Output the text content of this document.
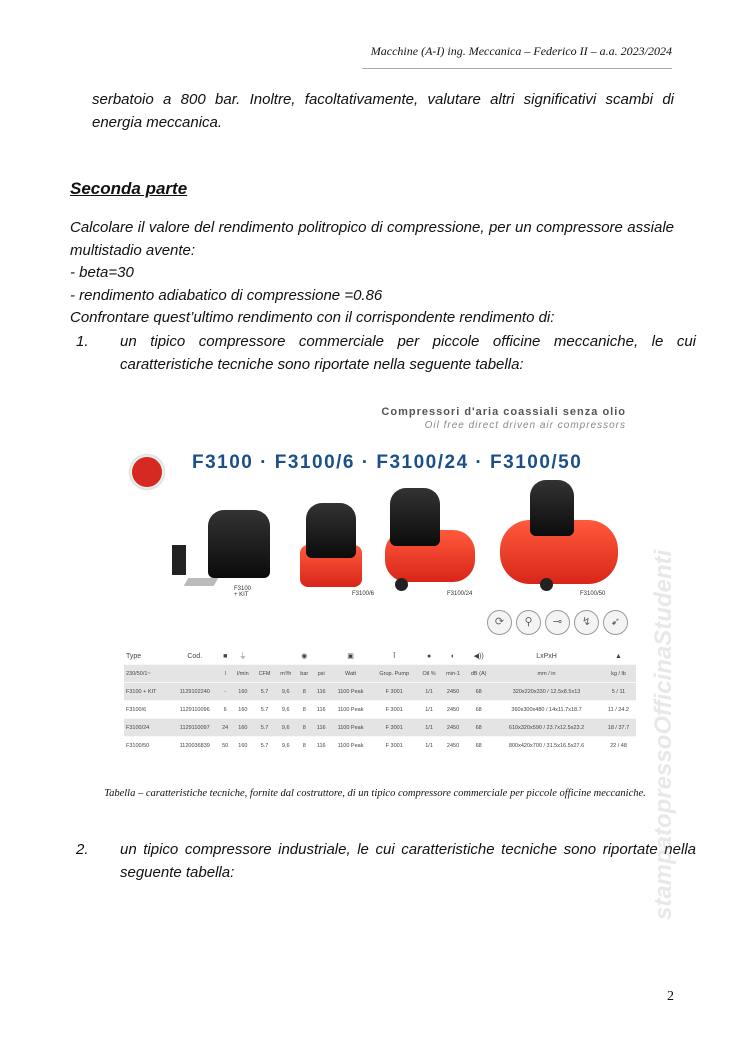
Macchine (A-I) ing. Meccanica – Federico II – a.a. 2023/2024
serbatoio a 800 bar. Inoltre, facoltativamente, valutare altri significativi scambi di energia meccanica.
Seconda parte
Calcolare il valore del rendimento politropico di compressione, per un compressore assiale multistadio avente:
- beta=30
- rendimento adiabatico di compressione =0.86
Confrontare quest’ultimo rendimento con il corrispondente rendimento di:
1. un tipico compressore commerciale per piccole officine meccaniche, le cui caratteristiche tecniche sono riportate nella seguente tabella:
Compressori d'aria coassiali senza olio
Oil free direct driven air compressors
F3100 · F3100/6 · F3100/24 · F3100/50
F3100 + KIT	F3100/6	F3100/24	F3100/50
⟳	⚲	⊸	↯	➹
Type	Cod.	■	⏚			◉		▣	Ī	●	◐	◀))	LxPxH	▲
230/50/1~		l	l/min	CFM	m³/h	bar	psi	Watt	Grup. Pump	Oil %	min-1	dB (A)	mm / in	kg / lb
F3100 + KIT	1129102240	-	160	5.7	9,6	8	116	1100 Peak	F 3001	1/1	2450	68	320x220x330 / 12.5x8.5x13	5 / 11
F3100/6	1129110096	6	160	5.7	9,6	8	116	1100 Peak	F 3001	1/1	2450	68	360x300x480 / 14x11.7x18.7	11 / 24.2
F3100/24	1129110097	24	160	5.7	9,6	8	116	1100 Peak	F 3001	1/1	2450	68	610x320x590 / 23.7x12.5x23.2	18 / 37.7
F3100/50	1120036839	50	160	5.7	9,6	8	116	1100 Peak	F 3001	1/1	2450	68	800x420x700 / 31.5x16.5x27.6	22 / 48
Tabella – caratteristiche tecniche, fornite dal costruttore, di un tipico compressore commerciale per piccole officine meccaniche.
2. un tipico compressore industriale, le cui caratteristiche tecniche sono riportate nella seguente tabella:
2
stampatopressoOfficinaStudenti
